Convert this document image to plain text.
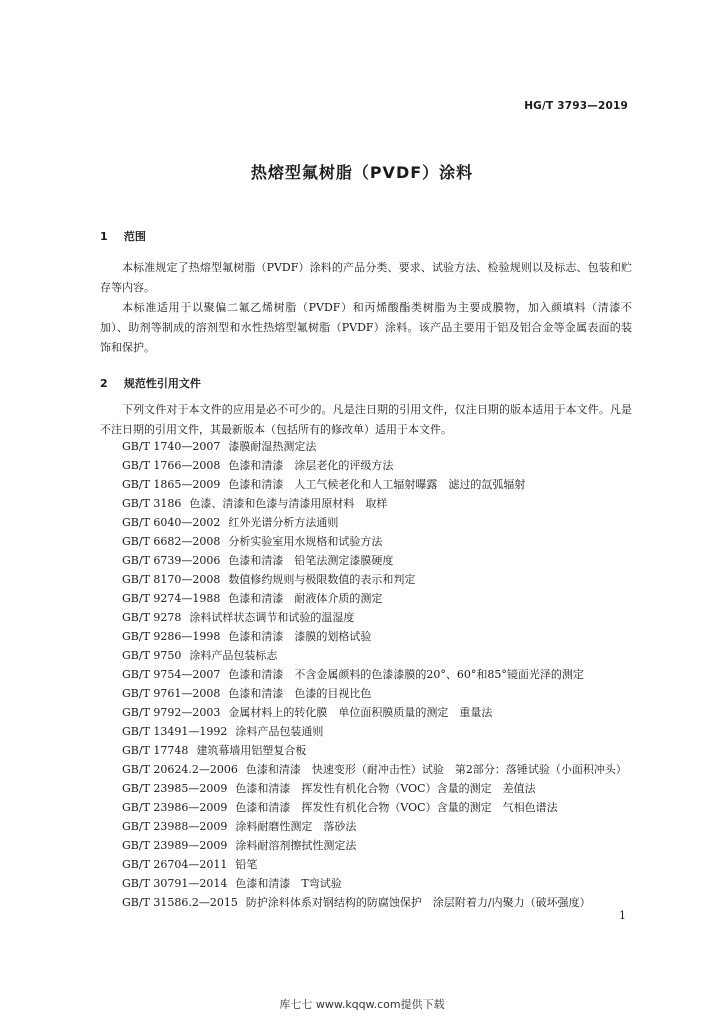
HG/T 3793—2019
热熔型氟树脂（PVDF）涂料
1 范围
本标准规定了热熔型氟树脂（PVDF）涂料的产品分类、要求、试验方法、检验规则以及标志、包装和贮存等内容。
本标准适用于以聚偏二氟乙烯树脂（PVDF）和丙烯酸酯类树脂为主要成膜物，加入颜填料（清漆不加）、助剂等制成的溶剂型和水性热熔型氟树脂（PVDF）涂料。该产品主要用于铝及铝合金等金属表面的装饰和保护。
2 规范性引用文件
下列文件对于本文件的应用是必不可少的。凡是注日期的引用文件，仅注日期的版本适用于本文件。凡是不注日期的引用文件，其最新版本（包括所有的修改单）适用于本文件。
GB/T 1740—2007 漆膜耐湿热测定法
GB/T 1766—2008 色漆和清漆　涂层老化的评级方法
GB/T 1865—2009 色漆和清漆　人工气候老化和人工辐射曝露　滤过的氙弧辐射
GB/T 3186 色漆、清漆和色漆与清漆用原材料　取样
GB/T 6040—2002 红外光谱分析方法通则
GB/T 6682—2008 分析实验室用水规格和试验方法
GB/T 6739—2006 色漆和清漆　铅笔法测定漆膜硬度
GB/T 8170—2008 数值修约规则与极限数值的表示和判定
GB/T 9274—1988 色漆和清漆　耐液体介质的测定
GB/T 9278 涂料试样状态调节和试验的温湿度
GB/T 9286—1998 色漆和清漆　漆膜的划格试验
GB/T 9750 涂料产品包装标志
GB/T 9754—2007 色漆和清漆　不含金属颜料的色漆漆膜的20°、60°和85°镜面光泽的测定
GB/T 9761—2008 色漆和清漆　色漆的目视比色
GB/T 9792—2003 金属材料上的转化膜　单位面积膜质量的测定　重量法
GB/T 13491—1992 涂料产品包装通则
GB/T 17748 建筑幕墙用铝塑复合板
GB/T 20624.2—2006 色漆和清漆　快速变形（耐冲击性）试验　第2部分：落锤试验（小面积冲头）
GB/T 23985—2009 色漆和清漆　挥发性有机化合物（VOC）含量的测定　差值法
GB/T 23986—2009 色漆和清漆　挥发性有机化合物（VOC）含量的测定　气相色谱法
GB/T 23988—2009 涂料耐磨性测定　落砂法
GB/T 23989—2009 涂料耐溶剂擦拭性测定法
GB/T 26704—2011 铅笔
GB/T 30791—2014 色漆和清漆　T弯试验
GB/T 31586.2—2015 防护涂料体系对钢结构的防腐蚀保护　涂层附着力/内聚力（破坏强度）
1
库七七 www.kqqw.com提供下载
